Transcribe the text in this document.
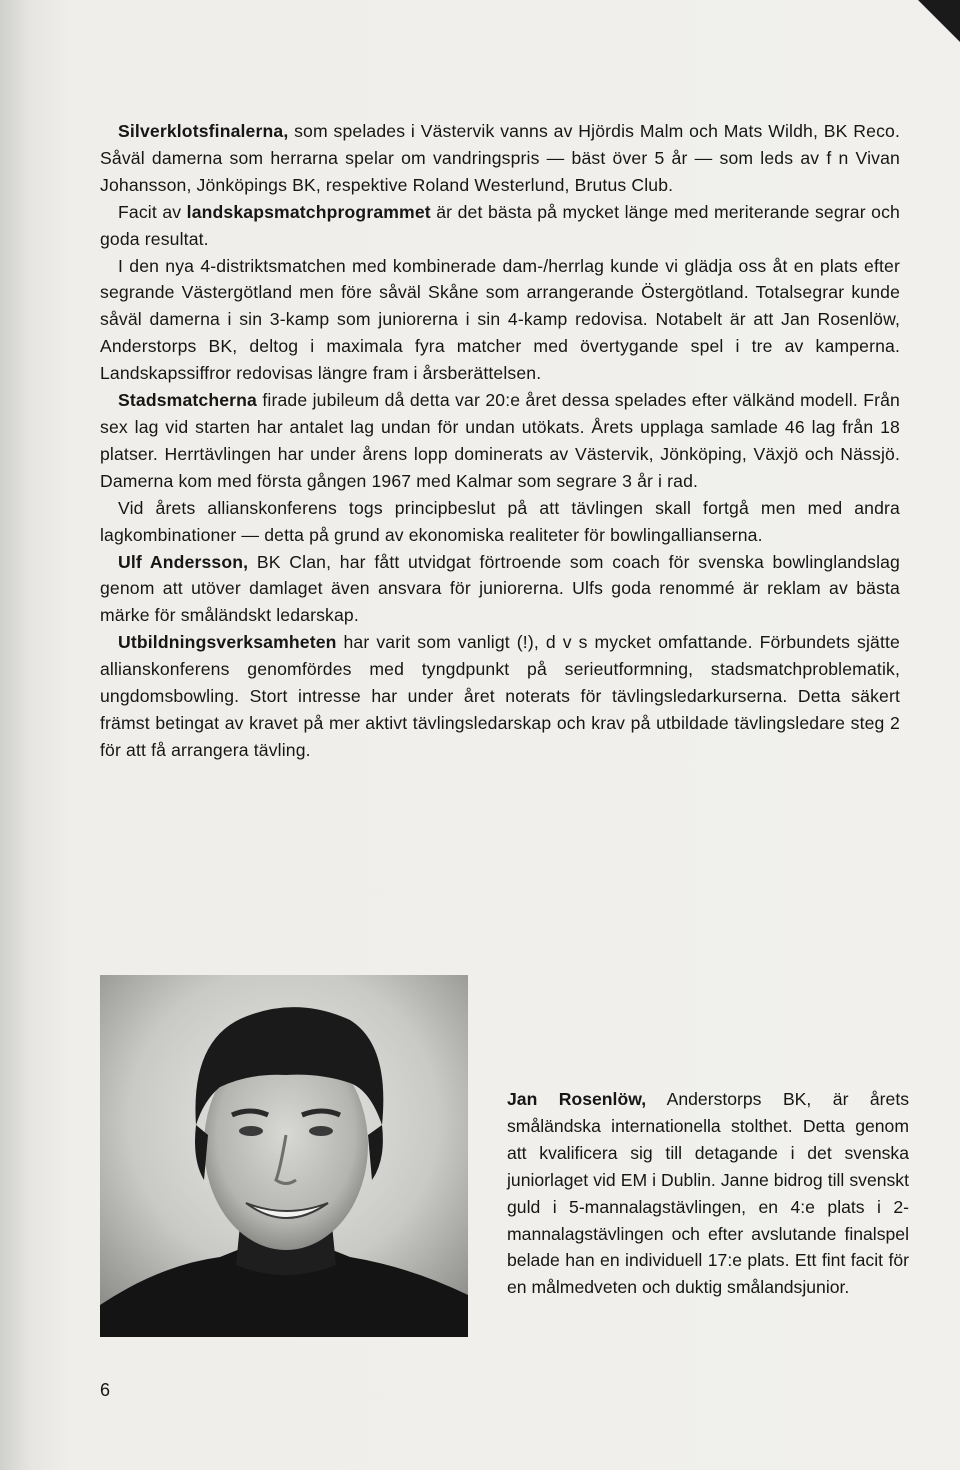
Silverklotsfinalerna, som spelades i Västervik vanns av Hjördis Malm och Mats Wildh, BK Reco. Såväl damerna som herrarna spelar om vandringspris — bäst över 5 år — som leds av f n Vivan Johansson, Jönköpings BK, respektive Roland Westerlund, Brutus Club.

Facit av landskapsmatchprogrammet är det bästa på mycket länge med meriterande segrar och goda resultat.

I den nya 4-distriktsmatchen med kombinerade dam-/herrlag kunde vi glädja oss åt en plats efter segrande Västergötland men före såväl Skåne som arrangerande Östergötland. Totalsegrar kunde såväl damerna i sin 3-kamp som juniorerna i sin 4-kamp redovisa. Notabelt är att Jan Rosenlöw, Anderstorps BK, deltog i maximala fyra matcher med övertygande spel i tre av kamperna. Landskapssiffror redovisas längre fram i årsberättelsen.

Stadsmatcherna firade jubileum då detta var 20:e året dessa spelades efter välkänd modell. Från sex lag vid starten har antalet lag undan för undan utökats. Årets upplaga samlade 46 lag från 18 platser. Herrtävlingen har under årens lopp dominerats av Västervik, Jönköping, Växjö och Nässjö. Damerna kom med första gången 1967 med Kalmar som segrare 3 år i rad.

Vid årets allianskonferens togs principbeslut på att tävlingen skall fortgå men med andra lagkombinationer — detta på grund av ekonomiska realiteter för bowlingallianserna.

Ulf Andersson, BK Clan, har fått utvidgat förtroende som coach för svenska bowlinglandslag genom att utöver damlaget även ansvara för juniorerna. Ulfs goda renommé är reklam av bästa märke för småländskt ledarskap.

Utbildningsverksamheten har varit som vanligt (!), d v s mycket omfattande. Förbundets sjätte allianskonferens genomfördes med tyngdpunkt på serieutformning, stadsmatchproblematik, ungdomsbowling. Stort intresse har under året noterats för tävlingsledarkurserna. Detta säkert främst betingat av kravet på mer aktivt tävlingsledarskap och krav på utbildade tävlingsledare steg 2 för att få arrangera tävling.

Jan Rosenlöw, Anderstorps BK, är årets småländska internationella stolthet. Detta genom att kvalificera sig till detagande i det svenska juniorlaget vid EM i Dublin. Janne bidrog till svenskt guld i 5-mannalagstävlingen, en 4:e plats i 2-mannalagstävlingen och efter avslutande finalspel belade han en individuell 17:e plats. Ett fint facit för en målmedveten och duktig smålandsjunior.
6
